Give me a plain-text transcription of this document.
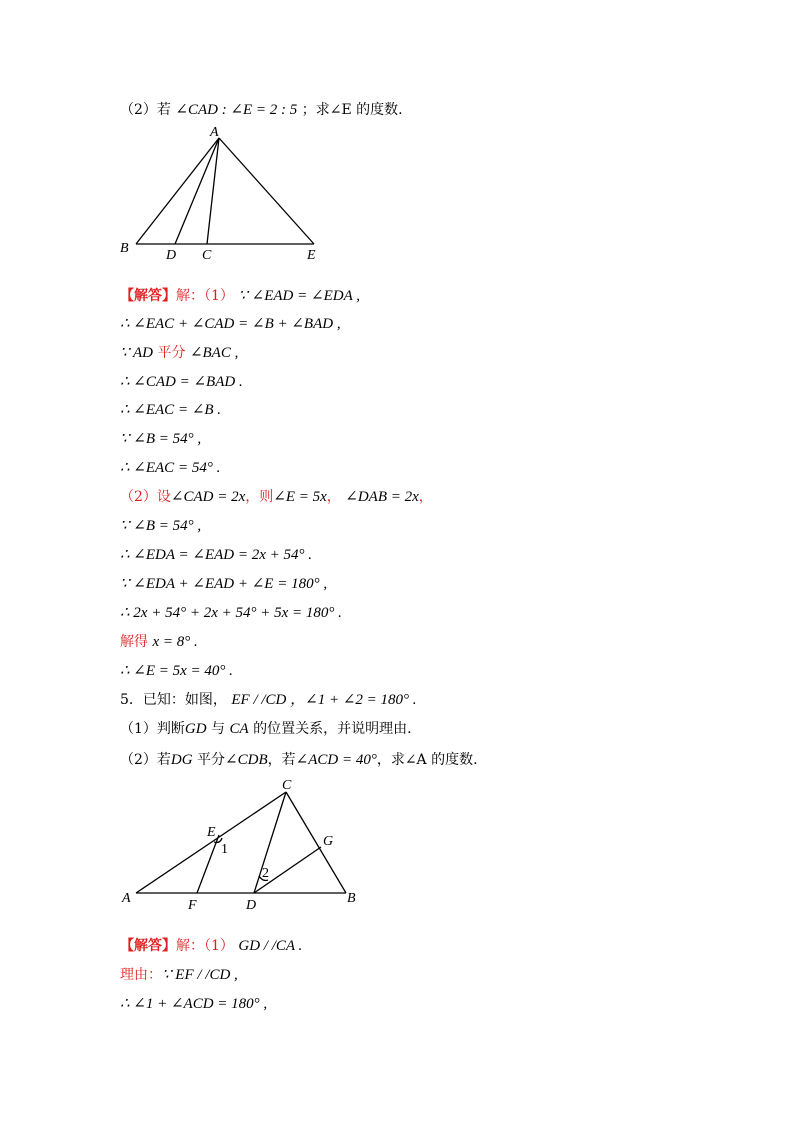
（2）若 ∠CAD : ∠E = 2 : 5 ；求∠E 的度数.
A
B	D C	E
【解答】解：（1） ∵ ∠EAD = ∠EDA ,
∴ ∠EAC + ∠CAD = ∠B + ∠BAD ,
∵ AD 平分 ∠BAC ,
∴ ∠CAD = ∠BAD .
∴ ∠EAC = ∠B .
∵ ∠B = 54° ,
∴ ∠EAC = 54° .
（2）设∠CAD = 2x，则∠E = 5x， ∠DAB = 2x，
∵ ∠B = 54° ,
∴ ∠EDA = ∠EAD = 2x + 54° .
∵ ∠EDA + ∠EAD + ∠E = 180° ,
∴ 2x + 54° + 2x + 54° + 5x = 180° .
解得 x = 8° .
∴ ∠E = 5x = 40° .
5．已知：如图， EF / /CD ，∠1 + ∠2 = 180° .
（1）判断GD 与 CA 的位置关系，并说明理由.
（2）若DG 平分∠CDB，若∠ACD = 40°，求∠A 的度数.
C
E
1
G
2
A	F	D	B
【解答】解：（1） GD / /CA .
理由：∵ EF / /CD ,
∴ ∠1 + ∠ACD = 180° ,
